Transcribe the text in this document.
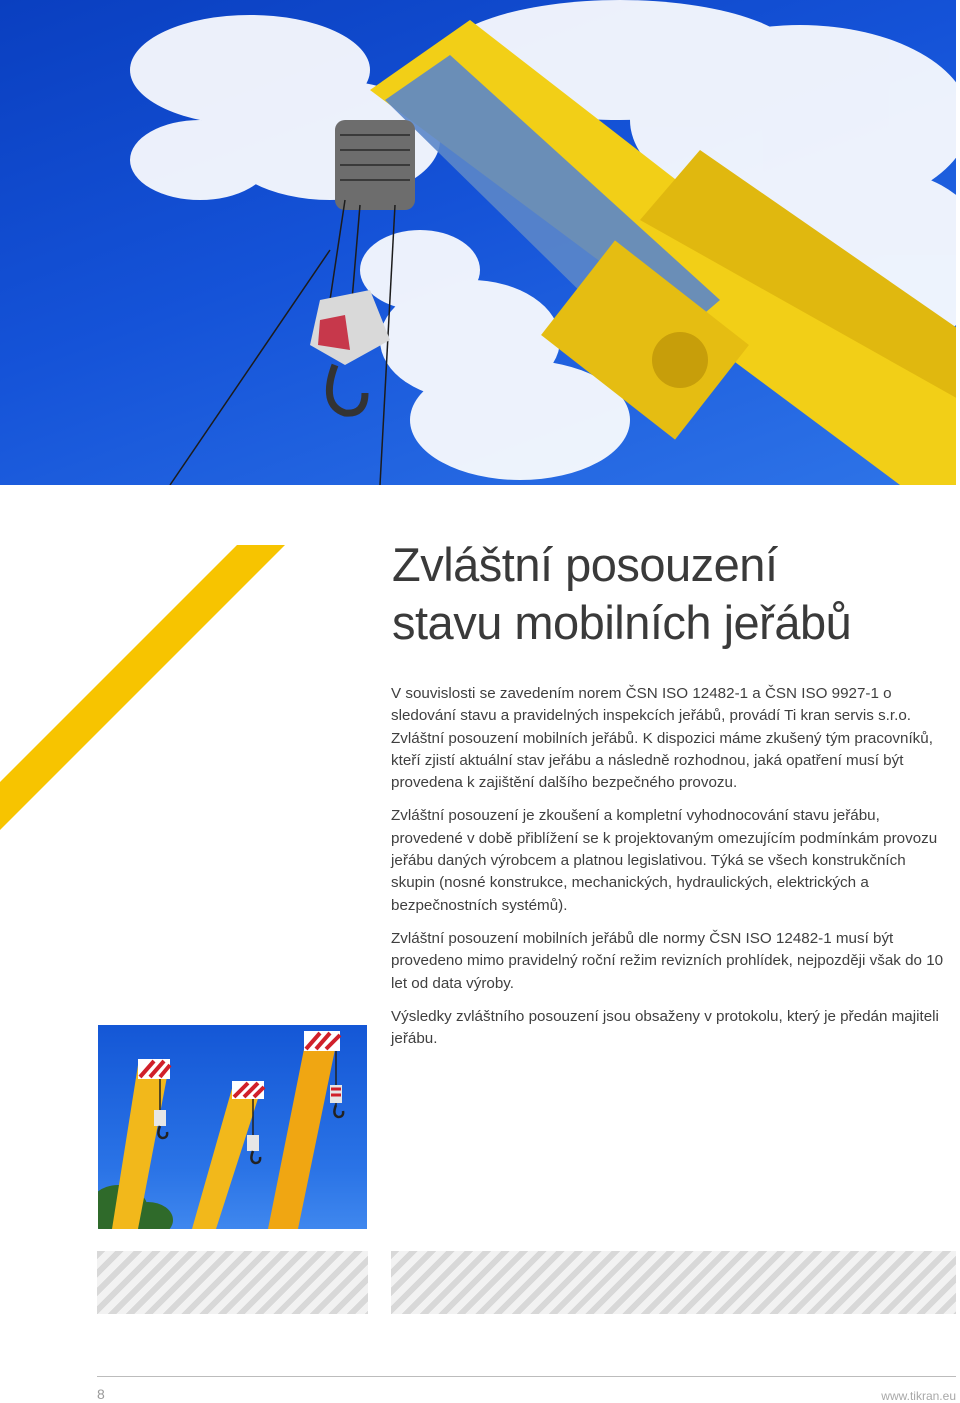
Zvláštní posouzení
stavu mobilních jeřábů

V souvislosti se zavedením norem ČSN ISO 12482-1 a ČSN ISO 9927-1 o sledování stavu a pravidelných inspekcích jeřábů, provádí Ti kran servis s.r.o. Zvláštní posouzení mobilních jeřábů. K dispozici máme zkušený tým pracovníků, kteří zjistí aktuální stav jeřábu a následně rozhodnou, jaká opatření musí být provedena k zajištění dalšího bezpečného provozu.

Zvláštní posouzení je zkoušení a kompletní vyhodnocování stavu jeřábu, provedené v době přiblížení se k projektovaným omezujícím podmínkám provozu jeřábu daných výrobcem a platnou legislativou. Týká se všech konstrukčních skupin (nosné konstrukce, mechanických, hydraulických, elektrických a bezpečnostních systémů).

Zvláštní posouzení mobilních jeřábů dle normy ČSN ISO 12482-1 musí být provedeno mimo pravidelný roční režim revizních prohlídek, nejpozději však do 10 let od data výroby.

Výsledky zvláštního posouzení jsou obsaženy v protokolu, který je předán majiteli jeřábu.

8	www.tikran.eu
